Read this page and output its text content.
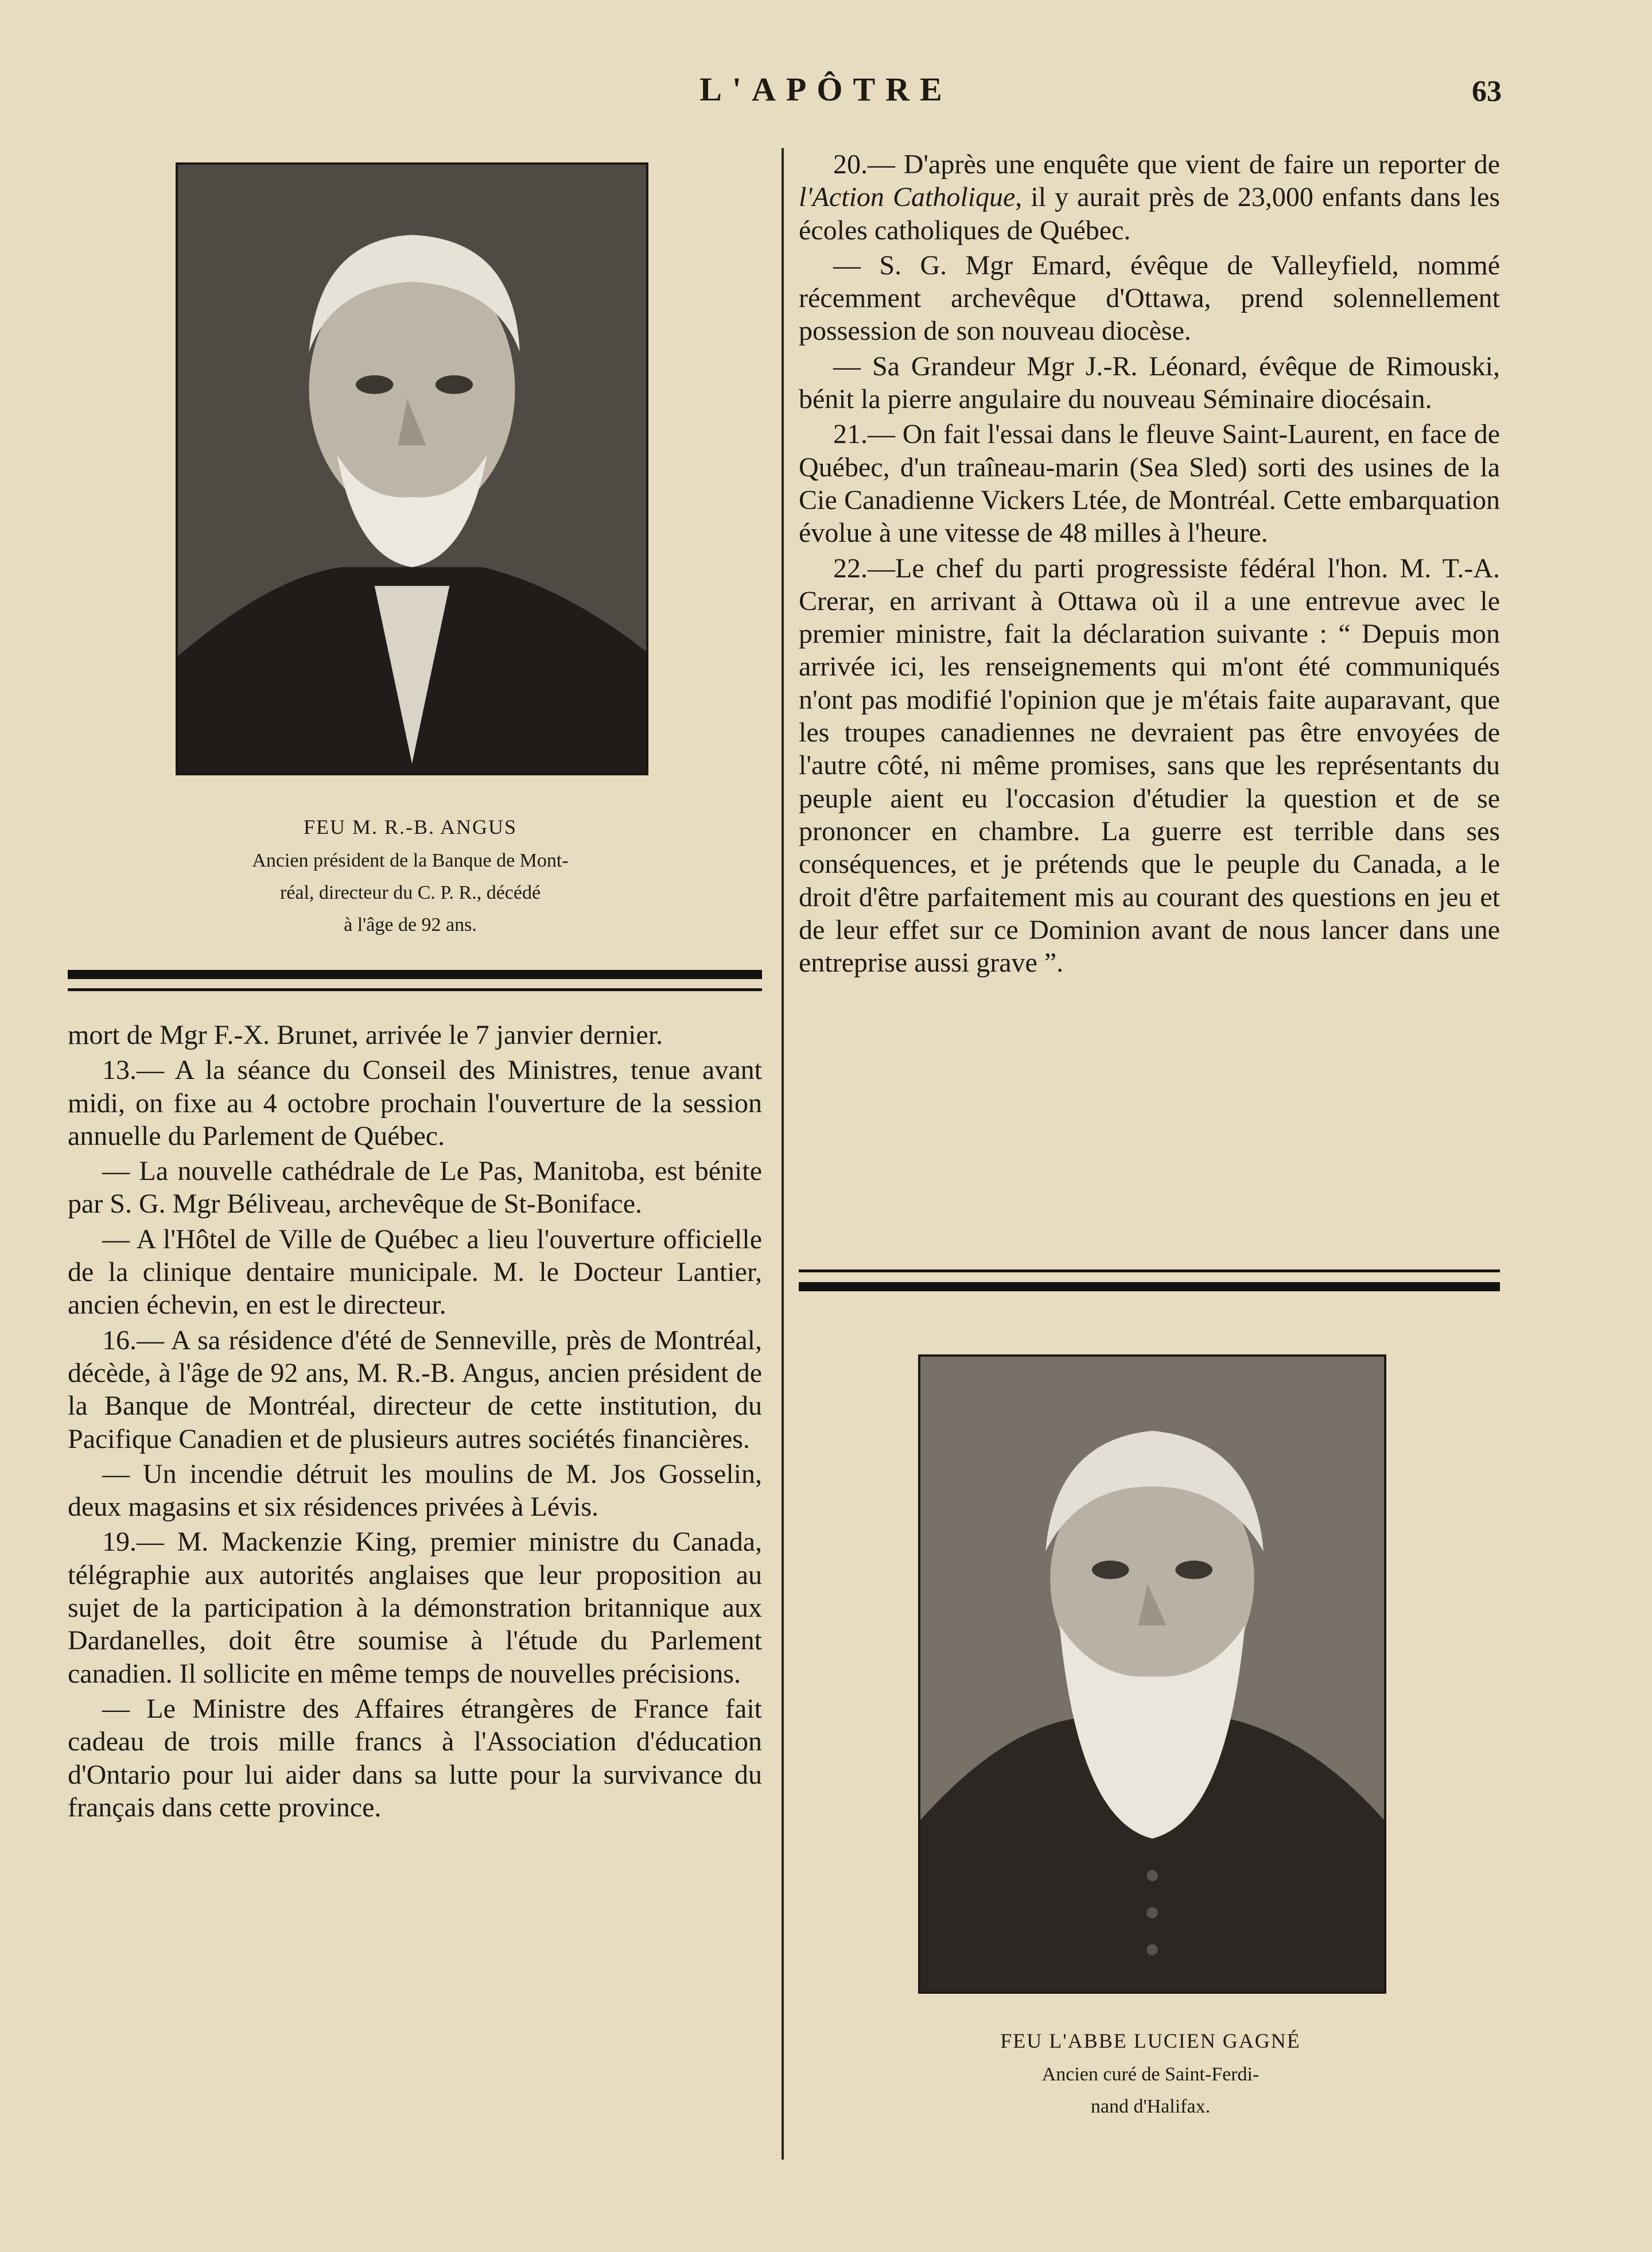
L'APÔTRE	63
FEU M. R.-B. ANGUS
Ancien président de la Banque de Mont-
réal, directeur du C. P. R., décédé
à l'âge de 92 ans.

mort de Mgr F.-X. Brunet, arrivée le 7 janvier dernier.

13.— A la séance du Conseil des Ministres, tenue avant midi, on fixe au 4 octobre prochain l'ouverture de la session annuelle du Parlement de Québec.

— La nouvelle cathédrale de Le Pas, Manitoba, est bénite par S. G. Mgr Béliveau, archevêque de St-Boniface.

— A l'Hôtel de Ville de Québec a lieu l'ouverture officielle de la clinique dentaire municipale. M. le Docteur Lantier, ancien échevin, en est le directeur.

16.— A sa résidence d'été de Senneville, près de Montréal, décède, à l'âge de 92 ans, M. R.-B. Angus, ancien président de la Banque de Montréal, directeur de cette institution, du Pacifique Canadien et de plusieurs autres sociétés financières.

— Un incendie détruit les moulins de M. Jos Gosselin, deux magasins et six résidences privées à Lévis.

19.— M. Mackenzie King, premier ministre du Canada, télégraphie aux autorités anglaises que leur proposition au sujet de la participation à la démonstration britannique aux Dardanelles, doit être soumise à l'étude du Parlement canadien. Il sollicite en même temps de nouvelles précisions.

— Le Ministre des Affaires étrangères de France fait cadeau de trois mille francs à l'Association d'éducation d'Ontario pour lui aider dans sa lutte pour la survivance du français dans cette province.

20.— D'après une enquête que vient de faire un reporter de l'Action Catholique, il y aurait près de 23,000 enfants dans les écoles catholiques de Québec.

— S. G. Mgr Emard, évêque de Valleyfield, nommé récemment archevêque d'Ottawa, prend solennellement possession de son nouveau diocèse.

— Sa Grandeur Mgr J.-R. Léonard, évêque de Rimouski, bénit la pierre angulaire du nouveau Séminaire diocésain.

21.— On fait l'essai dans le fleuve Saint-Laurent, en face de Québec, d'un traîneau-marin (Sea Sled) sorti des usines de la Cie Canadienne Vickers Ltée, de Montréal. Cette embarquation évolue à une vitesse de 48 milles à l'heure.

22.—Le chef du parti progressiste fédéral l'hon. M. T.-A. Crerar, en arrivant à Ottawa où il a une entrevue avec le premier ministre, fait la déclaration suivante : “ Depuis mon arrivée ici, les renseignements qui m'ont été communiqués n'ont pas modifié l'opinion que je m'étais faite auparavant, que les troupes canadiennes ne devraient pas être envoyées de l'autre côté, ni même promises, sans que les représentants du peuple aient eu l'occasion d'étudier la question et de se prononcer en chambre. La guerre est terrible dans ses conséquences, et je prétends que le peuple du Canada, a le droit d'être parfaitement mis au courant des questions en jeu et de leur effet sur ce Dominion avant de nous lancer dans une entreprise aussi grave ”.

FEU L'ABBE LUCIEN GAGNÉ
Ancien curé de Saint-Ferdi-
nand d'Halifax.
